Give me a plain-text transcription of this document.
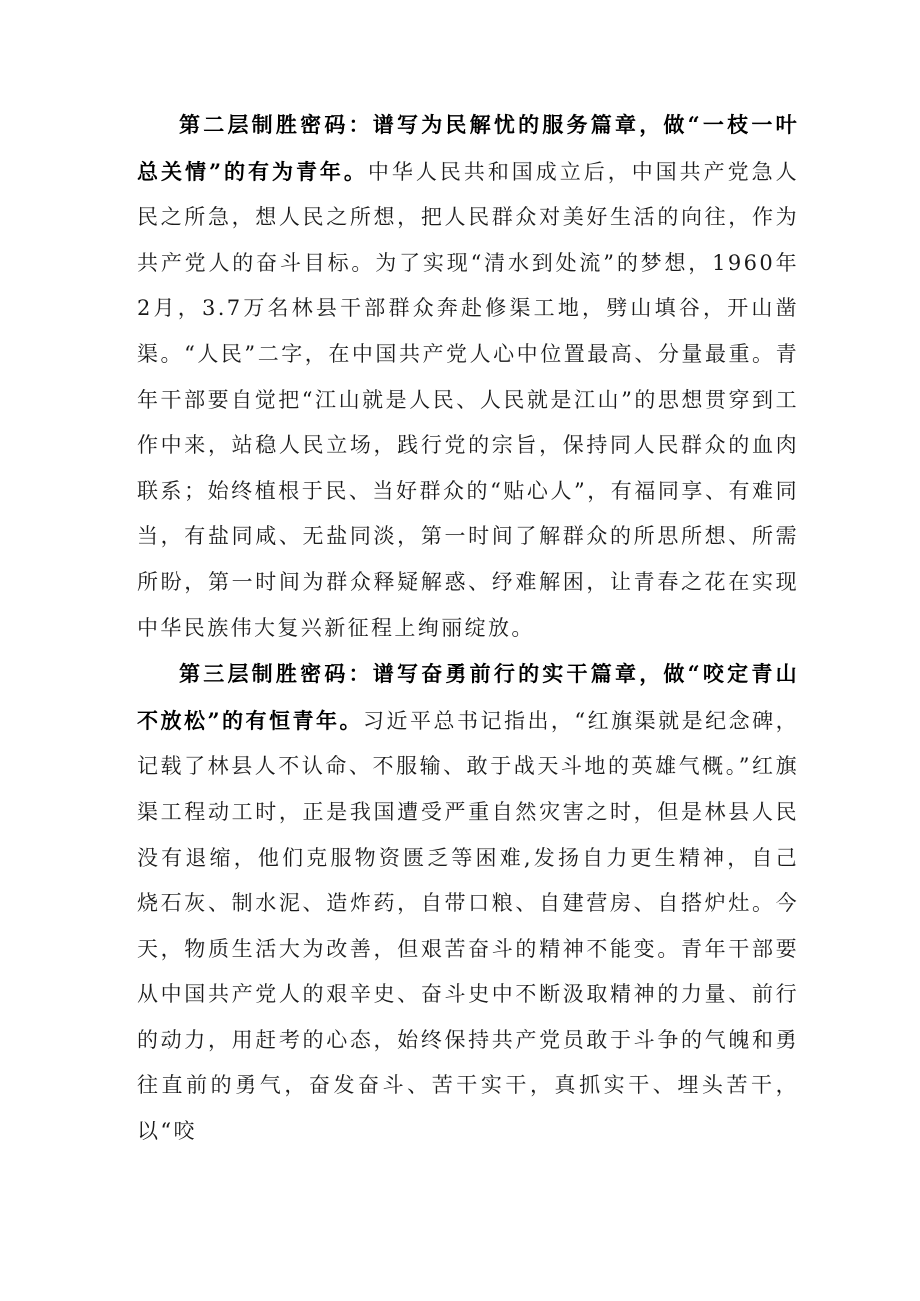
第二层制胜密码：谱写为民解忧的服务篇章，做“一枝一叶总关情”的有为青年。中华人民共和国成立后，中国共产党急人民之所急，想人民之所想，把人民群众对美好生活的向往，作为共产党人的奋斗目标。为了实现“清水到处流”的梦想，1960年2月，3.7万名林县干部群众奔赴修渠工地，劈山填谷，开山凿渠。“人民”二字，在中国共产党人心中位置最高、分量最重。青年干部要自觉把“江山就是人民、人民就是江山”的思想贯穿到工作中来，站稳人民立场，践行党的宗旨，保持同人民群众的血肉联系；始终植根于民、当好群众的“贴心人”，有福同享、有难同当，有盐同咸、无盐同淡，第一时间了解群众的所思所想、所需所盼，第一时间为群众释疑解惑、纾难解困，让青春之花在实现中华民族伟大复兴新征程上绚丽绽放。

第三层制胜密码：谱写奋勇前行的实干篇章，做“咬定青山不放松”的有恒青年。习近平总书记指出，“红旗渠就是纪念碑，记载了林县人不认命、不服输、敢于战天斗地的英雄气概。”红旗渠工程动工时，正是我国遭受严重自然灾害之时，但是林县人民没有退缩，他们克服物资匮乏等困难,发扬自力更生精神，自己烧石灰、制水泥、造炸药，自带口粮、自建营房、自搭炉灶。今天，物质生活大为改善，但艰苦奋斗的精神不能变。青年干部要从中国共产党人的艰辛史、奋斗史中不断汲取精神的力量、前行的动力，用赶考的心态，始终保持共产党员敢于斗争的气魄和勇往直前的勇气，奋发奋斗、苦干实干，真抓实干、埋头苦干，以“咬
